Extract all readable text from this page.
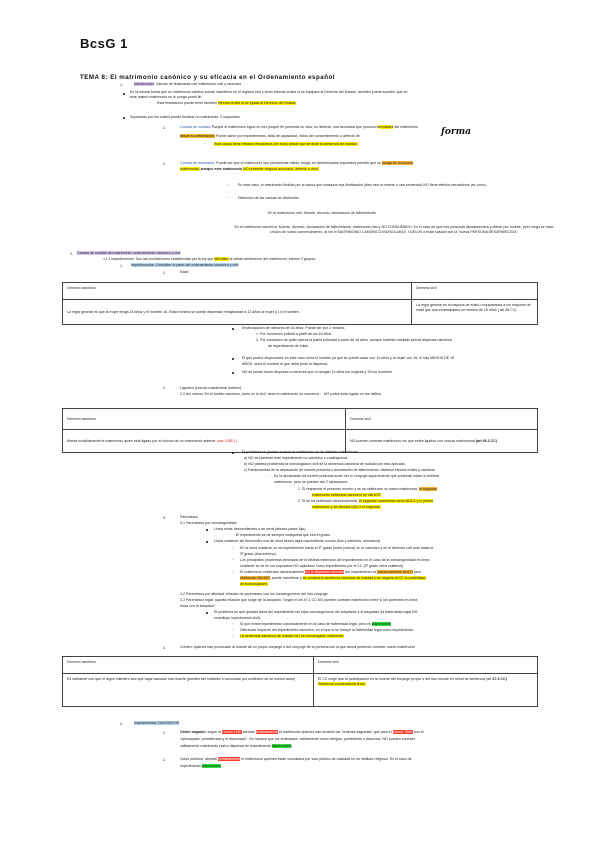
BcsG 1
TEMA 8: El matrimonio canónico y su eficacia en el Ordenamiento español
1.	Introducción: Causas de finalización del matrimonio civil y canónico
En la misma forma que un matrimonio católico puede inscribirse en el registro civil y tener efectos civiles si se equipara al Derecho del Estado, también puede suceder que en
este mismo matrimonio se le ponga punto fin.
- Esta finalización puede tener también efectos civiles si se iguala al Derecho del Estado
Supuestos por los cuales puede finalizar un matrimonio: 2 supuestos
1.	Causas de nulidad: Porque el matrimonio sigue en vez porque fin presenta un vicio, un defecto, una anomalía que provoca lainvalidez del matrimonio
desde su celebración. Puede darse por impedimentos, falta de capacidad, vicios del consentimiento o defecto de	forma
- Esta causa tiene efectos retroactivos (ex tunc) desde que se dicte la sentencia de nulidad.
2.	Causas de disolución: Puede ser que el matrimonio sea plenamente válido, tenga, en determinados supuestos permite que se ponga fin al vínculo
matrimonial, aunque este matrimonio NO presente ninguna anomalía, defecto o vicio.
- En este caso, el matrimonio finaliza por la causa que ocasiona esa finalización (bien sea la muerte o una sentencia) NO tiene efectos retroactivos (ex nunc).
- Distinción de las causas de disolución:
En el matrimonio civil: Muerte, divorcio, declaración de fallecimiento
En el matrimonio canónico: Muerte, divorcio, declaración de fallecimiento, matrimonio rato y NO CONSUMADO. En el caso de que nos personas desapareciera y dieran por muerte, pero luego se hace cesión de nuevo convencimiento, al ver el MATRIMONIO CANÓNICO INDISOLUBLE, VUELVE a estar casado con la "nueva PERSONA DESAPARECIDA"
2. Causas de nulidad del matrimonio: ordenamiento canónico y civil
=2.1 Impedimentos: Son las prohibiciones establecidas por la ley que dificultan la válida celebración del matrimonio, existen 2 grupos:
1. Impedimentos: Coinciden la parte del ordenamiento canónico y civil
1.	Edad
Derecho canónico	Derecho civil
La regla general es que la mujer tenga 14 años y el hombre 16. Edad mínima se puede dispensar rebajándose a 12 años la mujer y 14 el hombre.	La regla general es la mayoría de edad o equiparados a los mayores de edad que son emancipados un mínimo de 16 años ( art 46 CC)
Emancipación de menores de 16 años: Puede ser por 2 motivos:
1. Por concesión judicial a partir de los 16 años
2. Por concesión de quien ejerza la patria potestad a partir de 16 años, aunque hubiese mediado previa dispensa canónica
de impedimento de edad.
El que podría dispensarse en este caso sería el hombre ya que se puede casar con 14 años y la mujer con 16, el hay MENOS DE 15
AÑOS, sería el hombre el que debe pedir la dispensa.
NO se puede hacer dispensa a menores que no tengan 14 años los mujeres y 16 los hombres.
2.	Ligamen (vínculo matrimonial anterior)
2.2 Así mismo: En el ámbito canónico, tanto en lo civil, tanto el matrimonio no conserva ... NO podrá estar ligado en los delitos.
Derecho canónico	Derecho civil
Atenta inválidamente el matrimonio quien está ligado por el vínculo de un matrimonio anterior (can 1085.1)	NO pueden contraer matrimonio los que estén ligados con vínculo matrimonial (art 46.2 CC)
El problema se plantea cuando el matrimonio se de distintas naturalezas:
a) NO se plantean este impedimento no canónico o cualesquiera.
b) NO plantea problemas la homologación civil de la sentencia canónica de nulidad por esto aplicado.
c) Particularidad de la declaración de muerte presunta o declaración de fallecimiento: distintos efectos civiles y católicos
- Es la declaración de muerte presunta suele ser el cónyuge superviviente que pretende volver a celebrar
matrimonio, pero se pueden dar 2 situaciones:
1. Si reaparece el presunto muerto y se ha celebrado un nuevo matrimonio, el segundo
matrimonio celebrado canónico es VALIDO
2. Si se ha celebrado canónicamente, el segundo matrimonio sería NULO y el primer
matrimonio y se declara NULO el segundo.
3.	Parentesco
3.1 Parentesco por consanguinidad
Línea recta: descendientes o de otros (abuelo-padre-hijo).
El impedimento se de siempre cualquiera que sea el grado.
Línea colateral: sin descender una de otros tienen algún ascendiente común (tíos y sobrinos, hermanos)
- En la línea colateral, se da impedimento hasta el 4º grado (entre primos) en el canónico y en el derecho civil solo hasta el
3º grado (tíos-sobrino).
- Los principales problemas derivados de la distinta extensión del impedimento en el caso de la consanguinidad en línea
colateral: se de en los supuestos NO aplicados como impedimento por el CC (4º grado línea colateral).
- El matrimonio celebrado canónicamente sin la dispensa canónica del impedimento es canónicamente NULO pero
civilmente VALIDO, puede inscribirse y se produciría sentencia canónica de nulidad y se negaría al CC la posibilidad
de homologación.
3.2 Parentesco por afinidad: relación de parentesco con los consanguíneos del otro cónyuge.
3.3 Parentesco legal: aquella relación que surge de la adopción. Según el art 47.1 CC NO pueden contraer matrimonio entre sí los parientes en línea
recta con la adopción".
El problema es que quedan fuera del impedimento los hijos consanguíneos del adoptante y el adoptado (la fraternidad legal NO
constituye impedimento civil).
- Si que existe impedimento canónicamente en el caso de fraternidad legal, pero es dispensable
- Diferencia respecto del impedimento canónico, en el que si se incluye la fraternidad legal como impedimento.
- La sentencia canónica de nulidad NO es homologable civilmente.
4.	Crimen: quienes han provocado la muerte de su propio cónyuge o del cónyuge de la persona con la que ahora pretende contraer nuevo matrimonio
Derecho canónico	Derecho civil
Es suficiente con que el algún miembro sea que haya causado esa muerte (pueden ser notables o conocidas por confesión de su mismo autor)	El CC exige que la participación en la muerte del cónyuge propio o del otro conste en virtud de sentencia (art 47.3 CC)
Sentencia condenatoria firme.
2.	Impedimentos CANÓNICOS
1.	Orden sagrado: según el Canon 1087 atentan inválidamente el matrimonio quienes han recibido las "órdenes sagradas" que para el Canon 1009, son el
"episcopado, presbiterado y el diaconado". De manera que los ordenados, válidamente como clérigos, presbíteros o diáconos, NO pueden contraer
válidamente matrimonio (salvo dispensa de impedimento dispensable).
2.	Votos públicos: atentan inválidamente el matrimonio quienes están vinculados por voto público de castidad en un instituto religioso. En el caso de
impedimento dispensable
